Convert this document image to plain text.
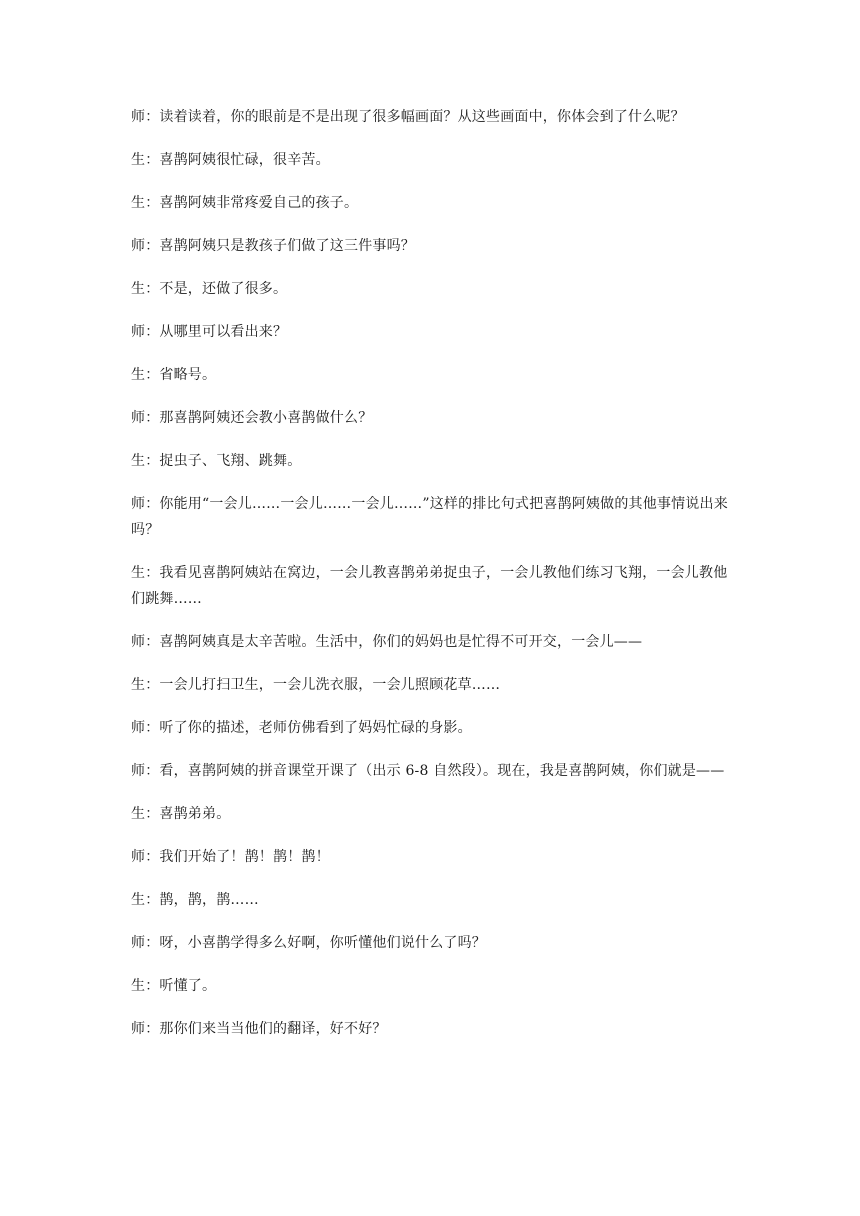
师：读着读着，你的眼前是不是出现了很多幅画面？从这些画面中，你体会到了什么呢？

生：喜鹊阿姨很忙碌，很辛苦。

生：喜鹊阿姨非常疼爱自己的孩子。

师：喜鹊阿姨只是教孩子们做了这三件事吗？

生：不是，还做了很多。

师：从哪里可以看出来？

生：省略号。

师：那喜鹊阿姨还会教小喜鹊做什么？

生：捉虫子、飞翔、跳舞。

师：你能用“一会儿……一会儿……一会儿……”这样的排比句式把喜鹊阿姨做的其他事情说出来吗？

生：我看见喜鹊阿姨站在窝边，一会儿教喜鹊弟弟捉虫子，一会儿教他们练习飞翔，一会儿教他们跳舞……

师：喜鹊阿姨真是太辛苦啦。生活中，你们的妈妈也是忙得不可开交，一会儿——

生：一会儿打扫卫生，一会儿洗衣服，一会儿照顾花草……

师：听了你的描述，老师仿佛看到了妈妈忙碌的身影。

师：看，喜鹊阿姨的拼音课堂开课了（出示 6-8 自然段）。现在，我是喜鹊阿姨，你们就是——

生：喜鹊弟弟。

师：我们开始了！鹊！鹊！鹊！

生：鹊，鹊，鹊……

师：呀，小喜鹊学得多么好啊，你听懂他们说什么了吗？

生：听懂了。

师：那你们来当当他们的翻译，好不好？
